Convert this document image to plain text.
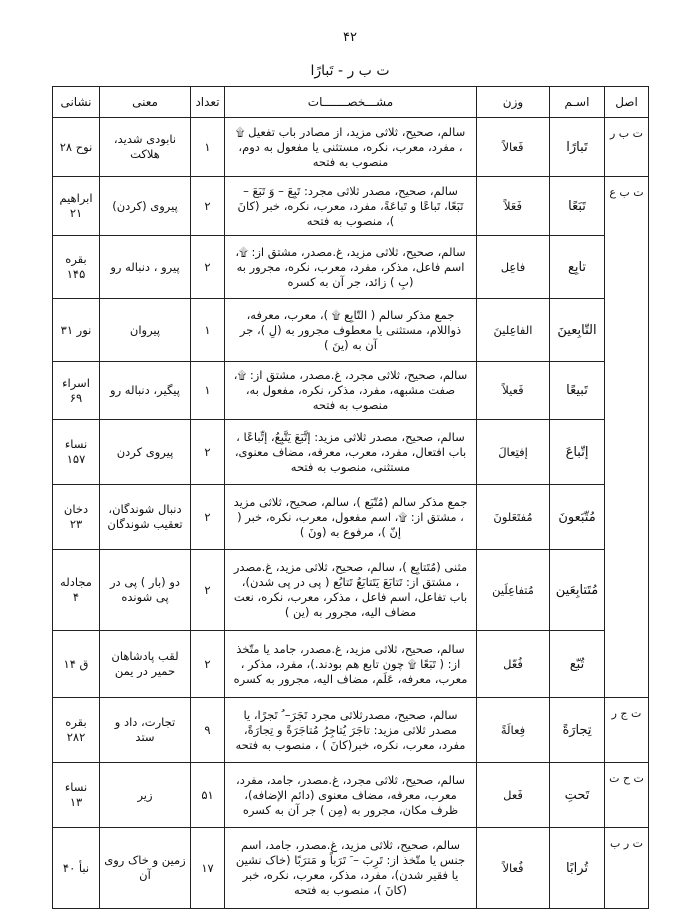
۴۲
ت ب ر - تَبارًا
اصل	اسـم	وزن	مشـــخصـــــــات	تعداد	معنی	نشانی
ت ب ر	تَبارًا	فَعالاً	سالم، صحیح، ثلاثی مزید، از مصادر باب تفعیل ۩ ، مفرد، معرب، نکره، مستثنی یا مفعول به دوم، منصوب به فتحه	۱	نابودی شدید، هلاکت	نوح ۲۸
ت ب ع	تَبَعًا	فَعَلاً	سالم، صحیح، مصدر ثلاثی مجرد: تَبِعَ – وَ تَبَعَ – تَبَعًا، تَباعًا و تَباعَةً، مفرد، معرب، نکره، خبر (کانَ )، منصوب به فتحه	۲	پیروی (کردن)	ابراهیم ۲۱
	تابِع	فاعِل	سالم، صحیح، ثلاثی مزید، غ.مصدر، مشتق از: ۩، اسم فاعل، مذکر، مفرد، معرب، نکره، مجرور به (بِ ) زائد، جر آن به کسره	۲	پیرو ، دنباله رو	بقره ۱۴۵
	التّابِعینَ	الفاعِلینَ	جمع مذکر سالم ( التّابِع ۩ )، معرب، معرفه، ذواللام، مستثنی یا معطوف مجرور به (لِ )، جر آن به (ینَ )	۱	پیروان	نور ۳۱
	تَبیعًا	فَعیلاً	سالم، صحیح، ثلاثی مجرد، غ.مصدر، مشتق از: ۩، صفت مشبهه، مفرد، مذکر، نکره، مفعول به، منصوب به فتحه	۱	پیگیر، دنباله رو	اسراء ۶۹
	إتّباعَ	إفتِعالَ	سالم، صحیح، مصدر ثلاثی مزید: إتَّبَعَ يَتَّبِعُ، إتِّباعًا ، باب افتعال، مفرد، معرب، معرفه، مضاف معنوی، مستثنی، منصوب به فتحه	۲	پیروی کردن	نساء ۱۵۷
	مُتّبَعونَ	مُفتَعَلونَ	جمع مذکر سالم (مُتّبَع )، سالم، صحیح، ثلاثی مزید ، مشتق از: ۩، اسم مفعول، معرب، نکره، خبر ( إنّ )، مرفوع به (ونَ )	۲	دنبال شوندگان، تعقیب شوندگان	دخان ۲۳
	مُتَتابِعَین	مُتفاعِلَین	مثنی (مُتَتابِع )، سالم، صحیح، ثلاثی مزید، غ.مصدر ، مشتق از: تَتابَعَ يَتَتابَعُ تَتابُع ( پی در پی شدن)، باب تفاعل، اسم فاعل ، مذکر، معرب، نکره، نعت مضاف الیه، مجرور به (ین )	۲	دو (بار ) پی در پی شونده	مجادله ۴
	تُبّع	فُعّل	سالم، صحیح، ثلاثی مزید، غ.مصدر، جامد یا متّخذ از: ( تَبَعًا ۩ چون تابع هم بودند.)، مفرد، مذکر ، معرب، معرفه، عَلَم، مضاف الیه، مجرور به کسره	۲	لقب پادشاهان حمیر در یمن	ق ۱۴
ت ج ر	تِجارَةً	فِعالَةً	سالم، صحیح، مصدرثلاثی مجرد تَجَرَ– ُ تَجرًا، یا مصدر ثلاثی مزید: تاجَرَ يُتاجِرُ مُتاجَرَةً و تِجارَةً، مفرد، معرب، نکره، خبر(کانَ ) ، منصوب به فتحه	۹	تجارت، داد و ستد	بقره ۲۸۲
ت ح ت	تَحتِ	فَعل	سالم، صحیح، ثلاثی مجرد، غ.مصدر، جامد، مفرد، معرب، معرفه، مضاف معنوی (دائم الإضافه)، ظرف مکان، مجرور به (مِن ) جر آن به کسره	۵۱	زیر	نساء ۱۳
ت ر ب	تُرابًا	فُعالاً	سالم، صحیح، ثلاثی مزید، غ.مصدر، جامد، اسم جنس یا متّخذ از: تَرِبَ – َ تَرَباً و مَترَبًا (خاک نشین یا فقیر شدن)، مفرد، مذکر، معرب، نکره، خبر (کانَ )، منصوب به فتحه	۱۷	زمین و خاک روی آن	نبأ ۴۰
